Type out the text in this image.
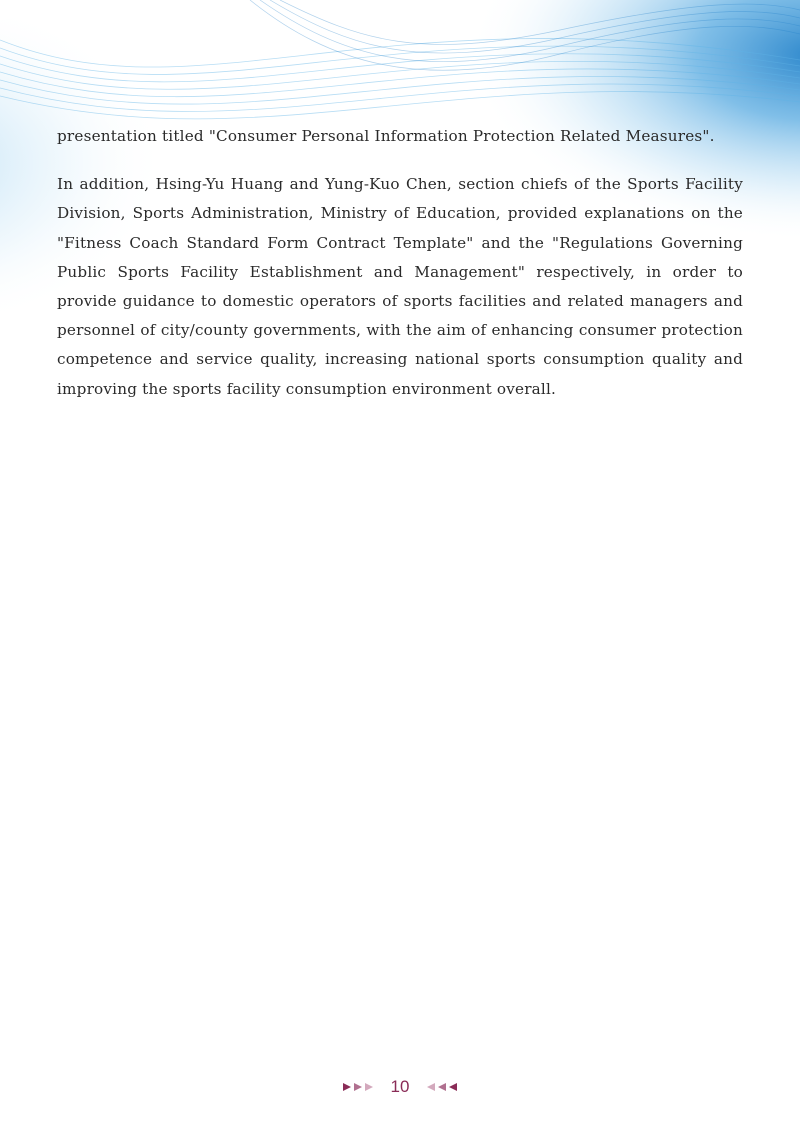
presentation titled "Consumer Personal Information Protection Related Measures".

In addition, Hsing-Yu Huang and Yung-Kuo Chen, section chiefs of the Sports Facility Division, Sports Administration, Ministry of Education, provided explanations on the "Fitness Coach Standard Form Contract Template" and the "Regulations Governing Public Sports Facility Establishment and Management" respectively, in order to provide guidance to domestic operators of sports facilities and related managers and personnel of city/county governments, with the aim of enhancing consumer protection competence and service quality, increasing national sports consumption quality and improving the sports facility consumption environment overall.

10
